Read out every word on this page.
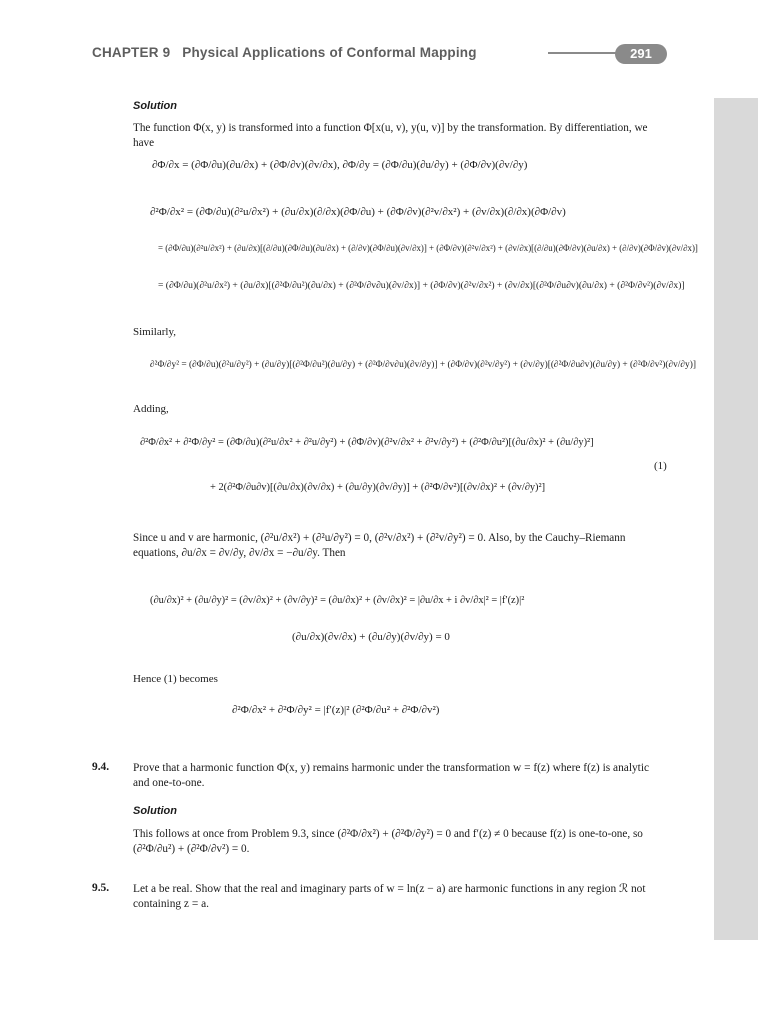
CHAPTER 9 Physical Applications of Conformal Mapping	291
Solution
The function Φ(x, y) is transformed into a function Φ[x(u, v), y(u, v)] by the transformation. By differentiation, we have
∂Φ/∂x = (∂Φ/∂u)(∂u/∂x) + (∂Φ/∂v)(∂v/∂x), ∂Φ/∂y = (∂Φ/∂u)(∂u/∂y) + (∂Φ/∂v)(∂v/∂y)
∂²Φ/∂x² = (∂Φ/∂u)(∂²u/∂x²) + (∂u/∂x)(∂/∂x)(∂Φ/∂u) + (∂Φ/∂v)(∂²v/∂x²) + (∂v/∂x)(∂/∂x)(∂Φ/∂v)
= (∂Φ/∂u)(∂²u/∂x²) + (∂u/∂x)[(∂/∂u)(∂Φ/∂u)(∂u/∂x) + (∂/∂v)(∂Φ/∂u)(∂v/∂x)] + (∂Φ/∂v)(∂²v/∂x²) + (∂v/∂x)[(∂/∂u)(∂Φ/∂v)(∂u/∂x) + (∂/∂v)(∂Φ/∂v)(∂v/∂x)]
= (∂Φ/∂u)(∂²u/∂x²) + (∂u/∂x)[(∂²Φ/∂u²)(∂u/∂x) + (∂²Φ/∂v∂u)(∂v/∂x)] + (∂Φ/∂v)(∂²v/∂x²) + (∂v/∂x)[(∂²Φ/∂u∂v)(∂u/∂x) + (∂²Φ/∂v²)(∂v/∂x)]
Similarly,
∂²Φ/∂y² = (∂Φ/∂u)(∂²u/∂y²) + (∂u/∂y)[(∂²Φ/∂u²)(∂u/∂y) + (∂²Φ/∂v∂u)(∂v/∂y)] + (∂Φ/∂v)(∂²v/∂y²) + (∂v/∂y)[(∂²Φ/∂u∂v)(∂u/∂y) + (∂²Φ/∂v²)(∂v/∂y)]
Adding,
∂²Φ/∂x² + ∂²Φ/∂y² = (∂Φ/∂u)(∂²u/∂x² + ∂²u/∂y²) + (∂Φ/∂v)(∂²v/∂x² + ∂²v/∂y²) + (∂²Φ/∂u²)[(∂u/∂x)² + (∂u/∂y)²]
+ 2(∂²Φ/∂u∂v)[(∂u/∂x)(∂v/∂x) + (∂u/∂y)(∂v/∂y)] + (∂²Φ/∂v²)[(∂v/∂x)² + (∂v/∂y)²]
(1)
Since u and v are harmonic, (∂²u/∂x²) + (∂²u/∂y²) = 0, (∂²v/∂x²) + (∂²v/∂y²) = 0. Also, by the Cauchy–Riemann equations, ∂u/∂x = ∂v/∂y, ∂v/∂x = −∂u/∂y. Then
(∂u/∂x)² + (∂u/∂y)² = (∂v/∂x)² + (∂v/∂y)² = (∂u/∂x)² + (∂v/∂x)² = |∂u/∂x + i ∂v/∂x|² = |f′(z)|²
(∂u/∂x)(∂v/∂x) + (∂u/∂y)(∂v/∂y) = 0
Hence (1) becomes
∂²Φ/∂x² + ∂²Φ/∂y² = |f′(z)|² (∂²Φ/∂u² + ∂²Φ/∂v²)
9.4. Prove that a harmonic function Φ(x, y) remains harmonic under the transformation w = f(z) where f(z) is analytic and one-to-one.
Solution
This follows at once from Problem 9.3, since (∂²Φ/∂x²) + (∂²Φ/∂y²) = 0 and f′(z) ≠ 0 because f(z) is one-to-one, so (∂²Φ/∂u²) + (∂²Φ/∂v²) = 0.
9.5. Let a be real. Show that the real and imaginary parts of w = ln(z − a) are harmonic functions in any region ℛ not containing z = a.
